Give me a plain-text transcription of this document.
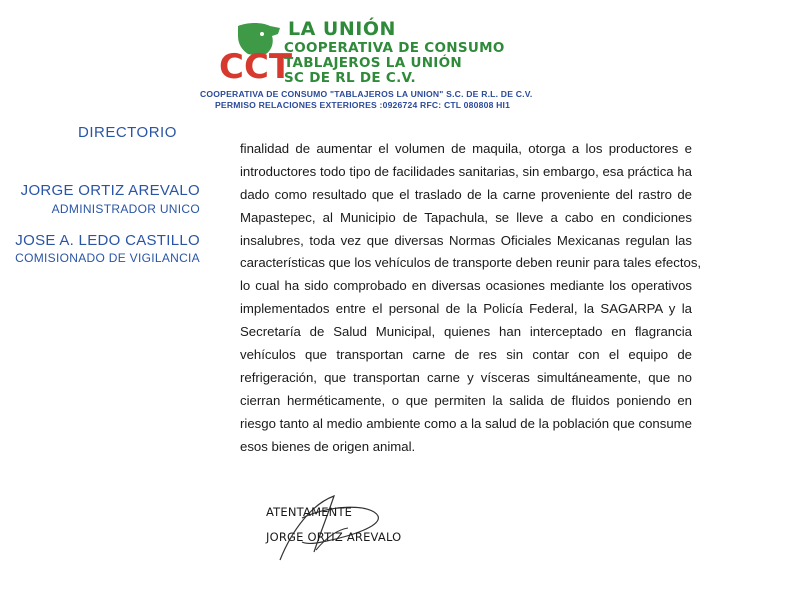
CCT
LA UNIÓN
COOPERATIVA DE CONSUMO
TABLAJEROS LA UNIÓN
SC DE RL DE C.V.
COOPERATIVA DE CONSUMO "TABLAJEROS LA UNION" S.C. DE R.L. DE C.V.
PERMISO RELACIONES EXTERIORES :0926724 RFC: CTL 080808 HI1
DIRECTORIO
JORGE ORTIZ AREVALO
ADMINISTRADOR UNICO
JOSE A. LEDO CASTILLO
COMISIONADO DE VIGILANCIA
finalidad de aumentar el volumen de maquila, otorga a los productores e
introductores todo tipo de facilidades sanitarias, sin embargo, esa práctica ha
dado como resultado que el traslado de la carne proveniente del rastro de
Mapastepec, al Municipio de Tapachula, se lleve a cabo en condiciones
insalubres, toda vez que diversas Normas Oficiales Mexicanas regulan las
características que los vehículos de transporte deben reunir para tales efectos,
lo cual ha sido comprobado en diversas ocasiones mediante los operativos
implementados entre el personal de la Policía Federal, la SAGARPA y la
Secretaría de Salud Municipal, quienes han interceptado en flagrancia
vehículos que transportan carne de res sin contar con el equipo de
refrigeración, que transportan carne y vísceras simultáneamente, que no
cierran herméticamente, o que permiten la salida de fluidos poniendo en
riesgo tanto al medio ambiente como a la salud de la población que consume
esos bienes de origen animal.
ATENTAMENTE
JORGE ORTIZ AREVALO
